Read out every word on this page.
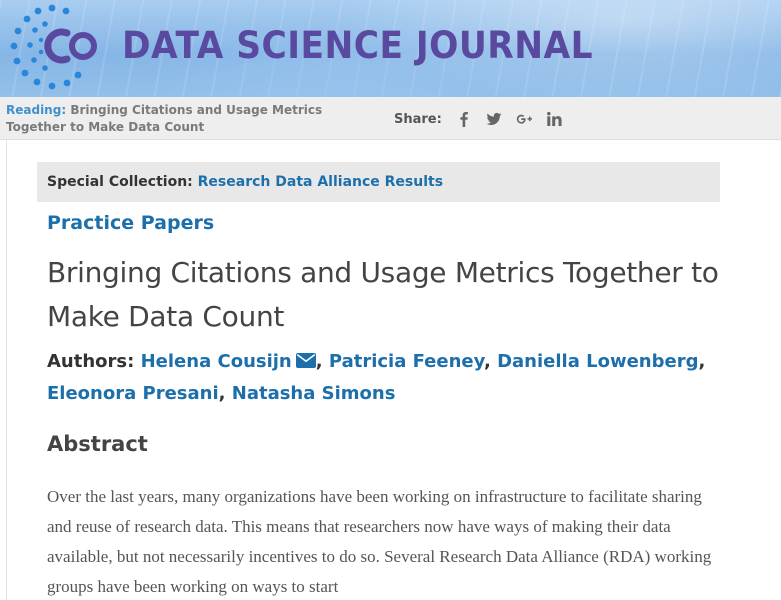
DATA SCIENCE JOURNAL
Reading: Bringing Citations and Usage Metrics Together to Make Data Count
Share:
Special Collection: Research Data Alliance Results
Practice Papers
Bringing Citations and Usage Metrics Together to Make Data Count
Authors: Helena Cousijn , Patricia Feeney, Daniella Lowenberg, Eleonora Presani, Natasha Simons
Abstract

Over the last years, many organizations have been working on infrastructure to facilitate sharing and reuse of research data. This means that researchers now have ways of making their data available, but not necessarily incentives to do so. Several Research Data Alliance (RDA) working groups have been working on ways to start
